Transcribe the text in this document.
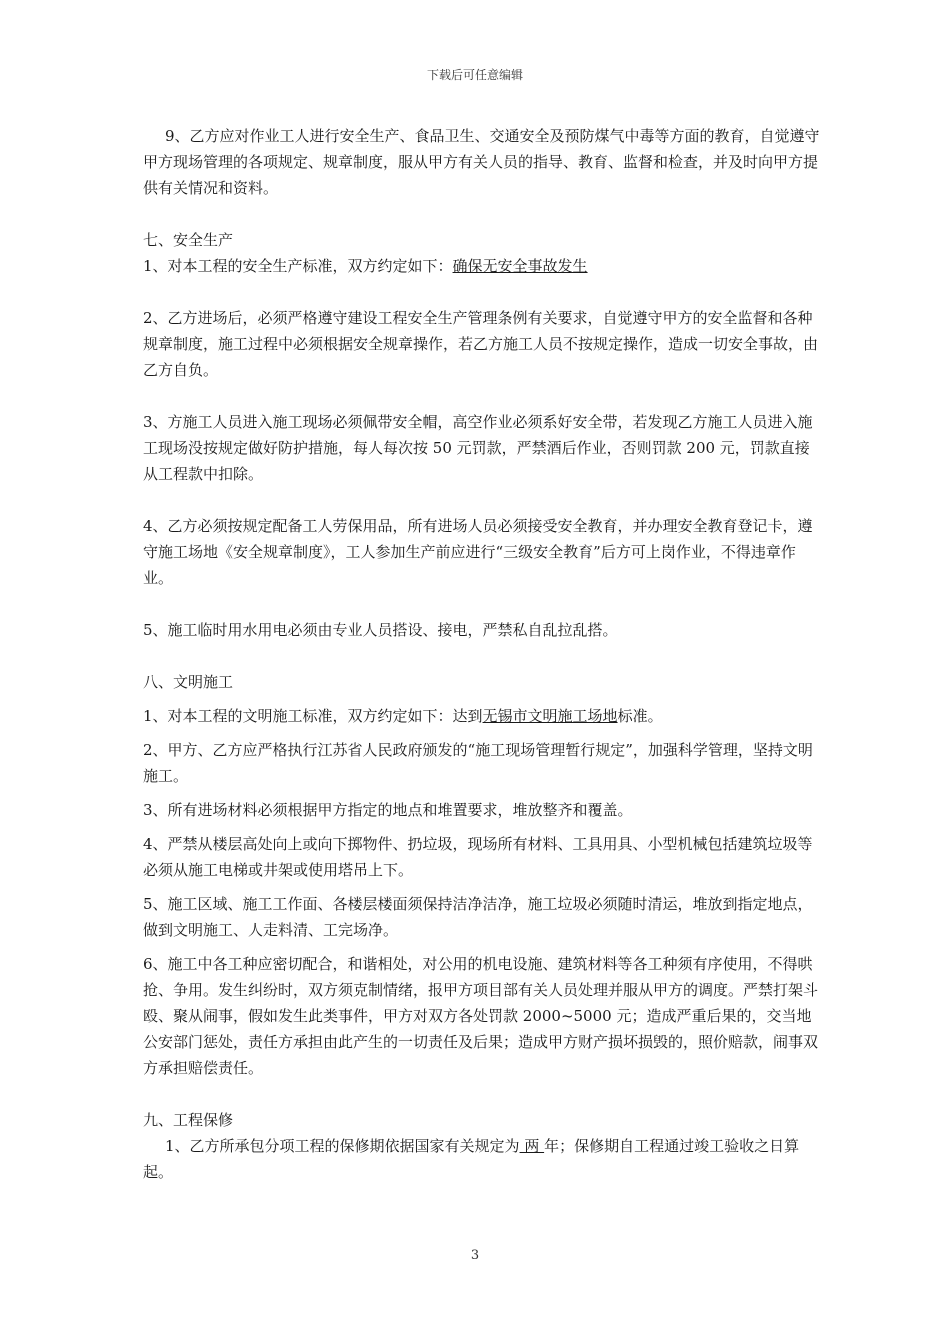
下载后可任意编辑

9、乙方应对作业工人进行安全生产、食品卫生、交通安全及预防煤气中毒等方面的教育，自觉遵守甲方现场管理的各项规定、规章制度，服从甲方有关人员的指导、教育、监督和检查，并及时向甲方提供有关情况和资料。

七、安全生产

1、对本工程的安全生产标准，双方约定如下：确保无安全事故发生

2、乙方进场后，必须严格遵守建设工程安全生产管理条例有关要求，自觉遵守甲方的安全监督和各种规章制度，施工过程中必须根据安全规章操作，若乙方施工人员不按规定操作，造成一切安全事故，由乙方自负。

3、方施工人员进入施工现场必须佩带安全帽，高空作业必须系好安全带，若发现乙方施工人员进入施工现场没按规定做好防护措施，每人每次按 50 元罚款，严禁酒后作业，否则罚款 200 元，罚款直接从工程款中扣除。

4、乙方必须按规定配备工人劳保用品，所有进场人员必须接受安全教育，并办理安全教育登记卡，遵守施工场地《安全规章制度》，工人参加生产前应进行“三级安全教育”后方可上岗作业，不得违章作业。

5、施工临时用水用电必须由专业人员搭设、接电，严禁私自乱拉乱搭。

八、文明施工

1、对本工程的文明施工标准，双方约定如下：达到无锡市文明施工场地标准。

2、甲方、乙方应严格执行江苏省人民政府颁发的“施工现场管理暂行规定”，加强科学管理，坚持文明施工。

3、所有进场材料必须根据甲方指定的地点和堆置要求，堆放整齐和覆盖。

4、严禁从楼层高处向上或向下掷物件、扔垃圾，现场所有材料、工具用具、小型机械包括建筑垃圾等必须从施工电梯或井架或使用塔吊上下。

5、施工区域、施工工作面、各楼层楼面须保持洁净洁净，施工垃圾必须随时清运，堆放到指定地点，做到文明施工、人走料清、工完场净。

6、施工中各工种应密切配合，和谐相处，对公用的机电设施、建筑材料等各工种须有序使用，不得哄抢、争用。发生纠纷时，双方须克制情绪，报甲方项目部有关人员处理并服从甲方的调度。严禁打架斗殴、聚从闹事，假如发生此类事件，甲方对双方各处罚款 2000~5000 元；造成严重后果的，交当地公安部门惩处，责任方承担由此产生的一切责任及后果；造成甲方财产损坏损毁的，照价赔款，闹事双方承担赔偿责任。

九、工程保修

1、乙方所承包分项工程的保修期依据国家有关规定为 两 年；保修期自工程通过竣工验收之日算起。

3
